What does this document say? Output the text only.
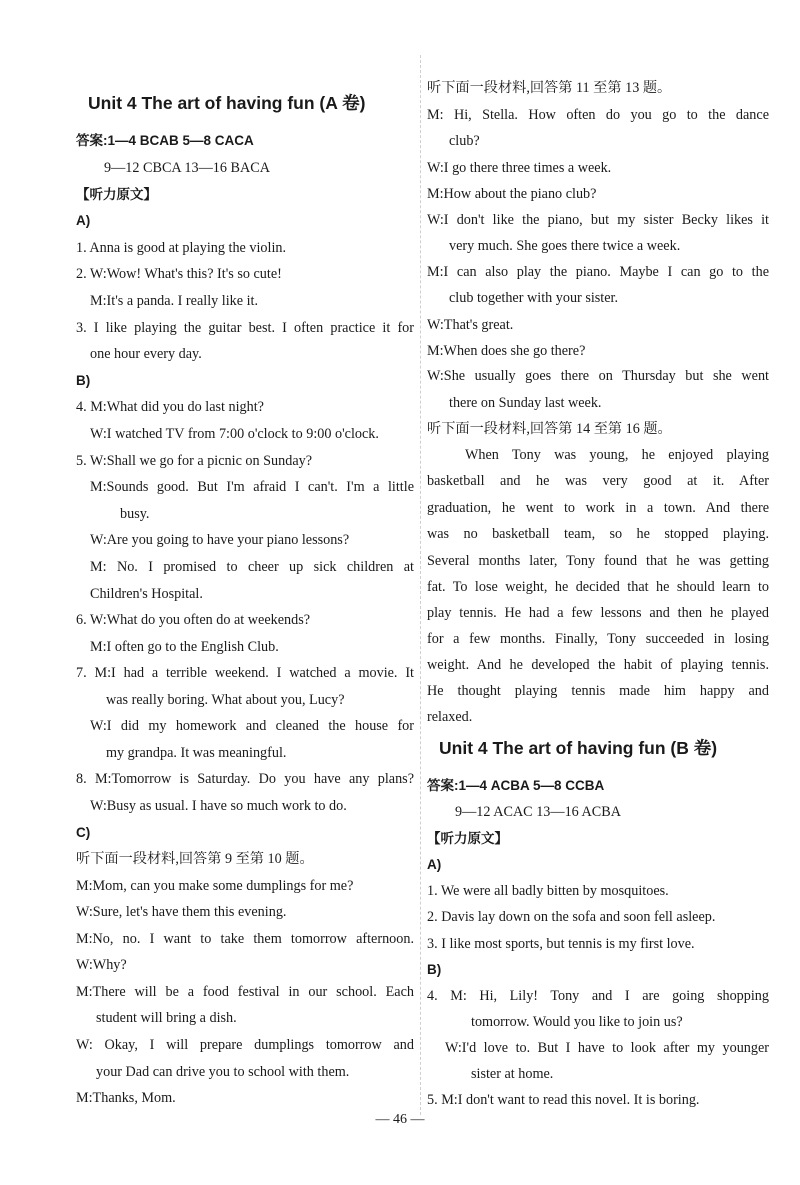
Unit 4 The art of having fun (A 卷)
答案:1—4 BCAB 5—8 CACA
9—12 CBCA 13—16 BACA
【听力原文】
A)
1. Anna is good at playing the violin.
2. W:Wow! What's this? It's so cute!
M:It's a panda. I really like it.
3. I like playing the guitar best. I often practice it for
one hour every day.
B)
4. M:What did you do last night?
W:I watched TV from 7:00 o'clock to 9:00 o'clock.
5. W:Shall we go for a picnic on Sunday?
M:Sounds good. But I'm afraid I can't. I'm a little
busy.
W:Are you going to have your piano lessons?
M: No. I promised to cheer up sick children at
Children's Hospital.
6. W:What do you often do at weekends?
M:I often go to the English Club.
7. M:I had a terrible weekend. I watched a movie. It
was really boring. What about you, Lucy?
W:I did my homework and cleaned the house for
my grandpa. It was meaningful.
8. M:Tomorrow is Saturday. Do you have any plans?
W:Busy as usual. I have so much work to do.
C)
听下面一段材料,回答第 9 至第 10 题。
M:Mom, can you make some dumplings for me?
W:Sure, let's have them this evening.
M:No, no. I want to take them tomorrow afternoon.
W:Why?
M:There will be a food festival in our school. Each
student will bring a dish.
W: Okay, I will prepare dumplings tomorrow and
your Dad can drive you to school with them.
M:Thanks, Mom.
听下面一段材料,回答第 11 至第 13 题。
M: Hi, Stella. How often do you go to the dance
club?
W:I go there three times a week.
M:How about the piano club?
W:I don't like the piano, but my sister Becky likes it
very much. She goes there twice a week.
M:I can also play the piano. Maybe I can go to the
club together with your sister.
W:That's great.
M:When does she go there?
W:She usually goes there on Thursday but she went
there on Sunday last week.
听下面一段材料,回答第 14 至第 16 题。
When Tony was young, he enjoyed playing
basketball and he was very good at it. After
graduation, he went to work in a town. And there
was no basketball team, so he stopped playing.
Several months later, Tony found that he was getting
fat. To lose weight, he decided that he should learn to
play tennis. He had a few lessons and then he played
for a few months. Finally, Tony succeeded in losing
weight. And he developed the habit of playing tennis.
He thought playing tennis made him happy and
relaxed.
Unit 4 The art of having fun (B 卷)
答案:1—4 ACBA 5—8 CCBA
9—12 ACAC 13—16 ACBA
【听力原文】
A)
1. We were all badly bitten by mosquitoes.
2. Davis lay down on the sofa and soon fell asleep.
3. I like most sports, but tennis is my first love.
B)
4. M: Hi, Lily! Tony and I are going shopping
tomorrow. Would you like to join us?
W:I'd love to. But I have to look after my younger
sister at home.
5. M:I don't want to read this novel. It is boring.
— 46 —
